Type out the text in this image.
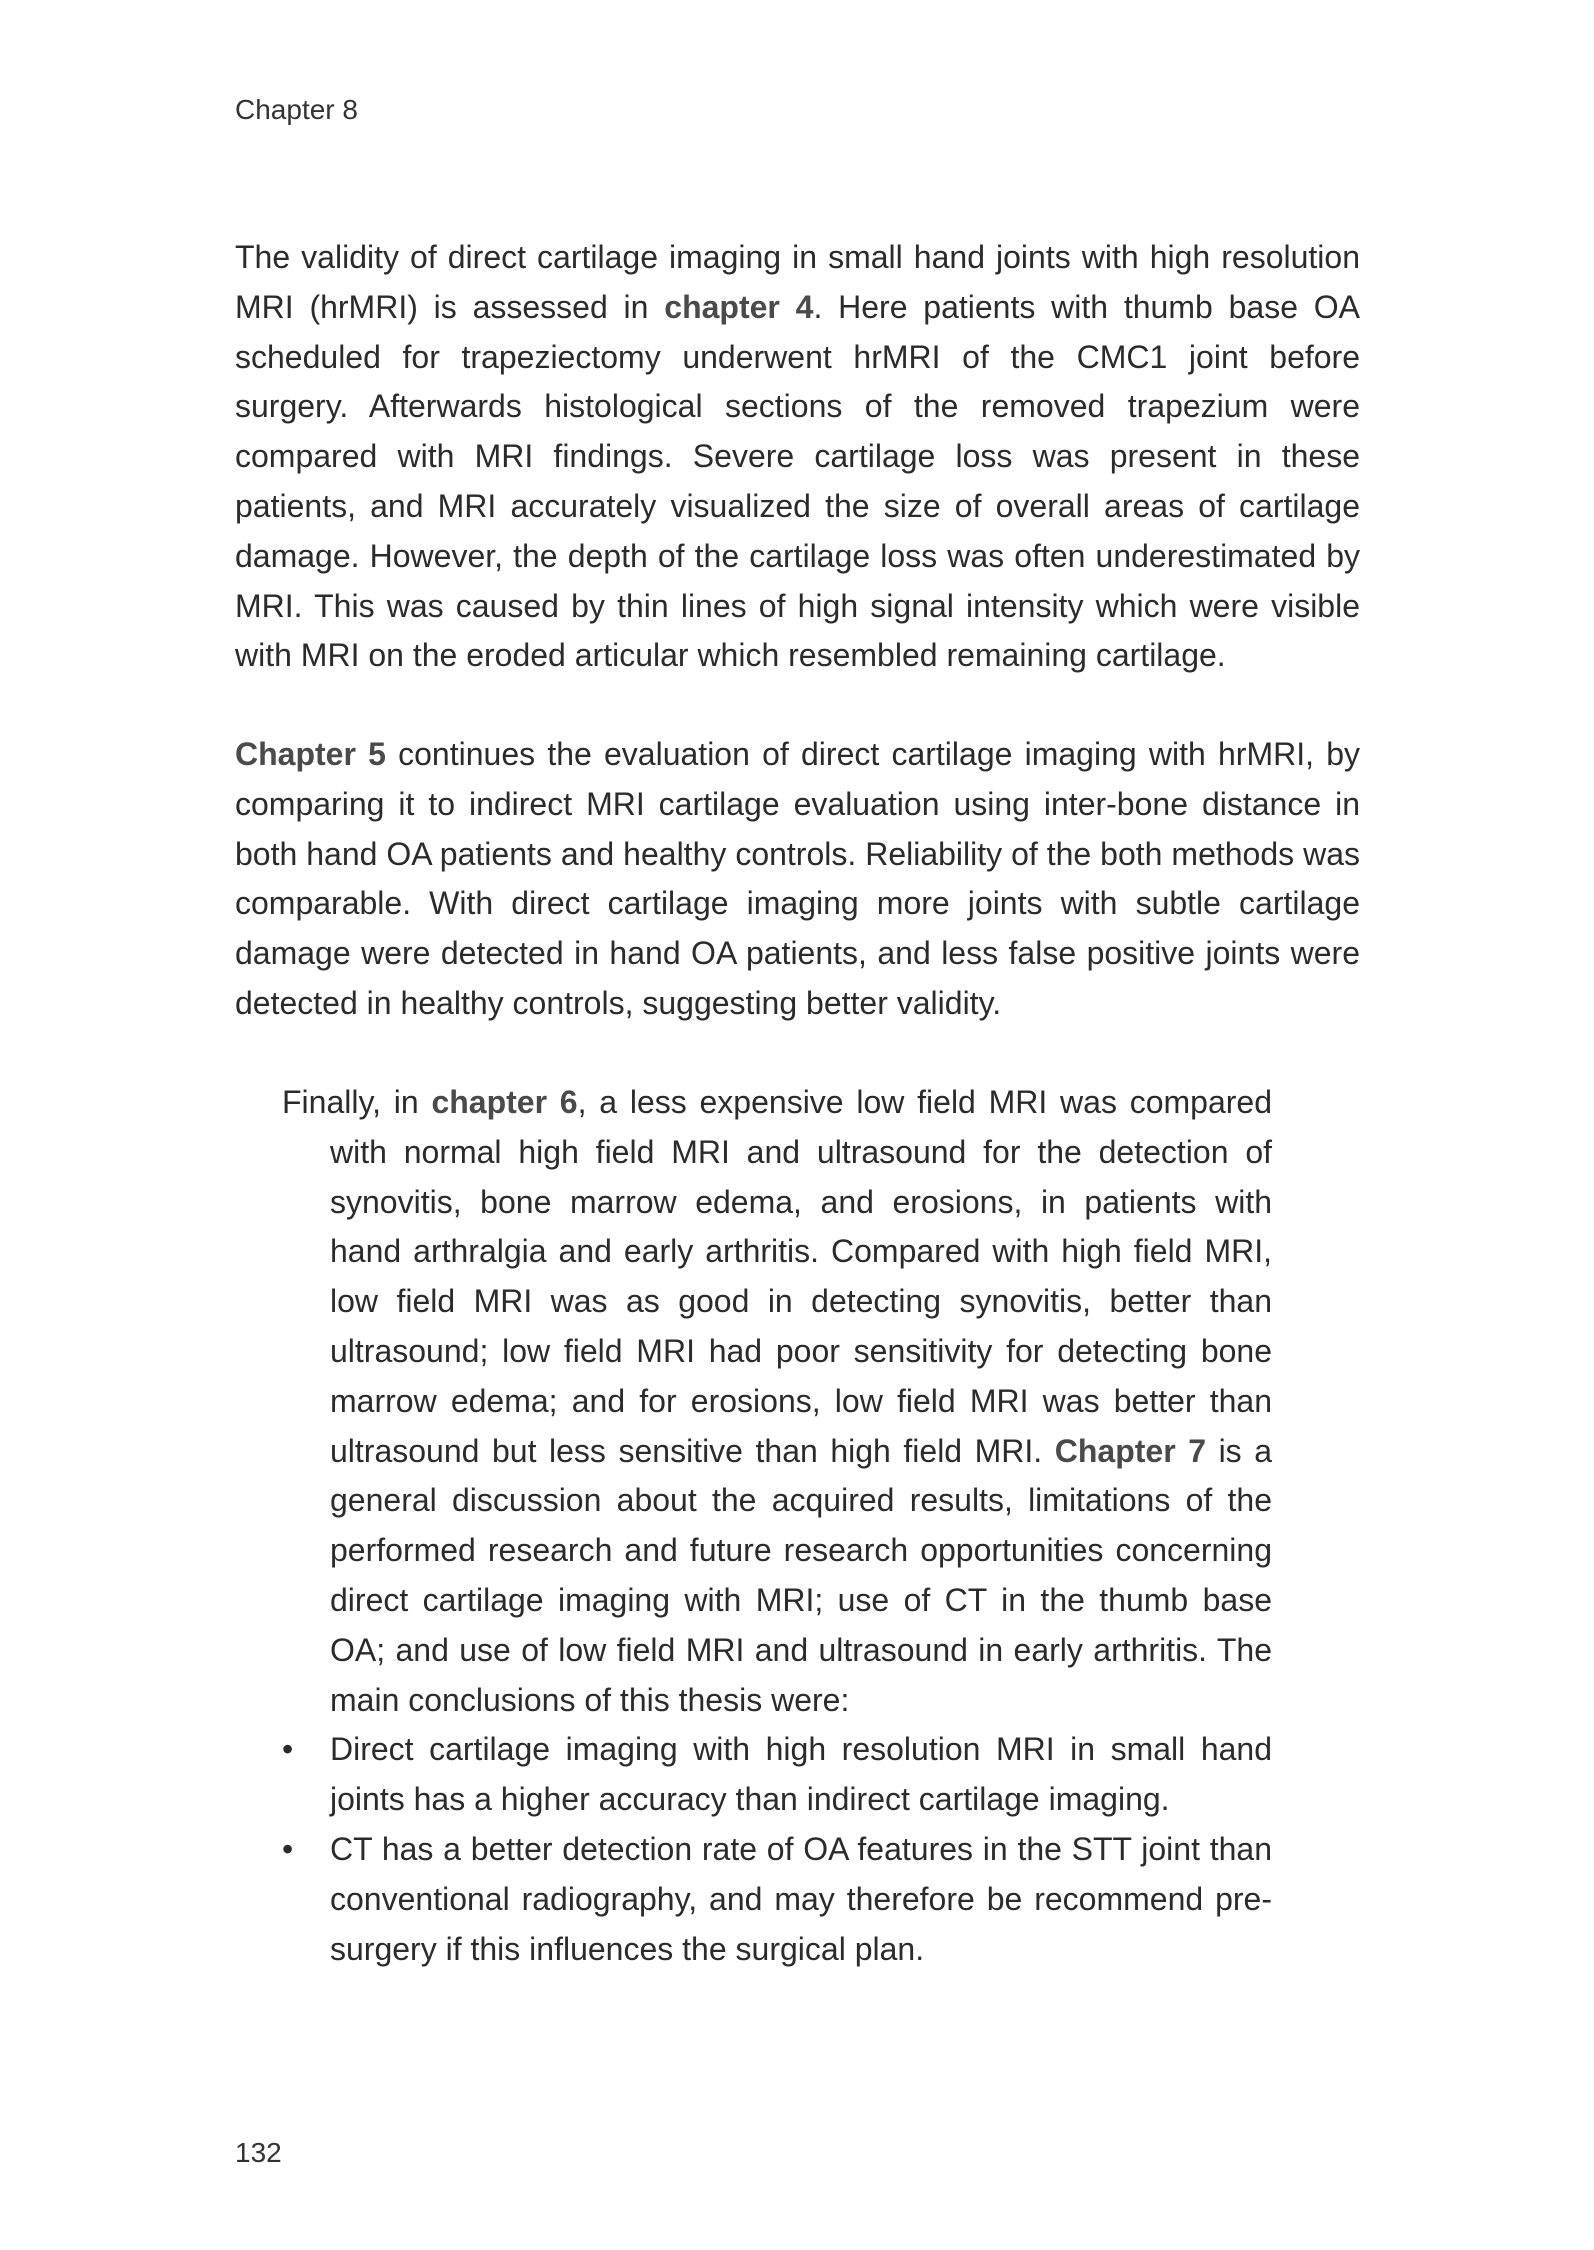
Chapter 8
The validity of direct cartilage imaging in small hand joints with high resolution MRI (hrMRI) is assessed in chapter 4. Here patients with thumb base OA scheduled for trapeziectomy underwent hrMRI of the CMC1 joint before surgery. Afterwards histological sections of the removed trapezium were compared with MRI findings. Severe cartilage loss was present in these patients, and MRI accurately visualized the size of overall areas of cartilage damage. However, the depth of the cartilage loss was often underestimated by MRI. This was caused by thin lines of high signal intensity which were visible with MRI on the eroded articular which resembled remaining cartilage.
Chapter 5 continues the evaluation of direct cartilage imaging with hrMRI, by comparing it to indirect MRI cartilage evaluation using inter-bone distance in both hand OA patients and healthy controls. Reliability of the both methods was comparable. With direct cartilage imaging more joints with subtle cartilage damage were detected in hand OA patients, and less false positive joints were detected in healthy controls, suggesting better validity.

Finally, in chapter 6, a less expensive low field MRI was compared with normal high field MRI and ultrasound for the detection of synovitis, bone marrow edema, and erosions, in patients with hand arthralgia and early arthritis. Compared with high field MRI, low field MRI was as good in detecting synovitis, better than ultrasound; low field MRI had poor sensitivity for detecting bone marrow edema; and for erosions, low field MRI was better than ultrasound but less sensitive than high field MRI. Chapter 7 is a general discussion about the acquired results, limitations of the performed research and future research opportunities concerning direct cartilage imaging with MRI; use of CT in the thumb base OA; and use of low field MRI and ultrasound in early arthritis. The main conclusions of this thesis were:

• Direct cartilage imaging with high resolution MRI in small hand joints has a higher accuracy than indirect cartilage imaging.
• CT has a better detection rate of OA features in the STT joint than conventional radiography, and may therefore be recommend pre-surgery if this influences the surgical plan.
132
